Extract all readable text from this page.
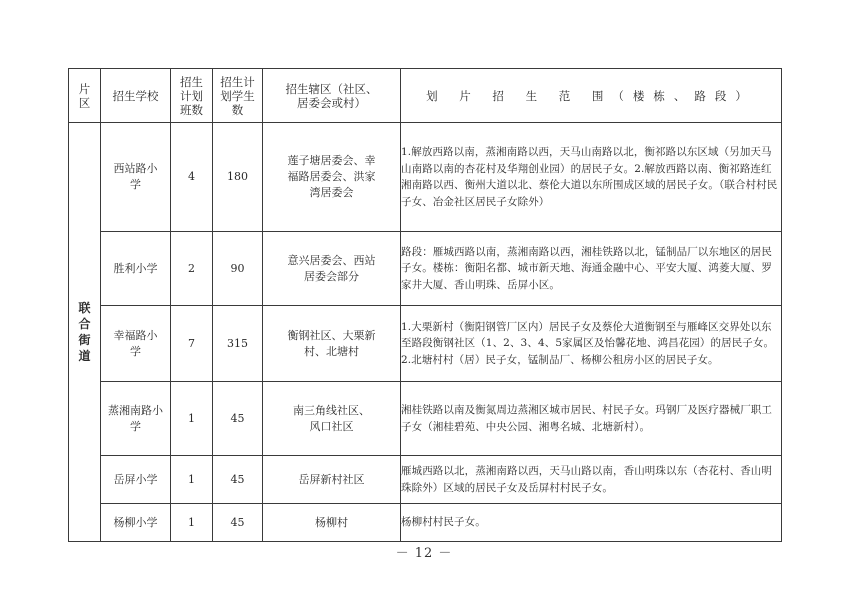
片区	招生学校	招生计划班数	招生计划学生数	招生辖区（社区、居委会或村）	划 片 招 生 范 围（楼栋、路段）
联合街道	西站路小学	4	180	莲子塘居委会、幸福路居委会、洪家湾居委会	1.解放西路以南，蒸湘南路以西，天马山南路以北，衡祁路以东区域（另加天马山南路以南的杏花村及华翔创业园）的居民子女。2.解放西路以南、衡祁路连红湘南路以西、衡州大道以北、蔡伦大道以东所围成区域的居民子女。（联合村村民子女、冶金社区居民子女除外）
	胜利小学	2	90	意兴居委会、西站居委会部分	路段：雁城西路以南，蒸湘南路以西，湘桂铁路以北，锰制品厂以东地区的居民子女。楼栋：衡阳名都、城市新天地、海通金融中心、平安大厦、鸿菱大厦、罗家井大厦、香山明珠、岳屏小区。
	幸福路小学	7	315	衡钢社区、大栗新村、北塘村	1.大栗新村（衡阳钢管厂区内）居民子女及蔡伦大道衡钢至与雁峰区交界处以东至路段衡钢社区（1、2、3、4、5家属区及怡馨花地、鸿昌花园）的居民子女。2.北塘村村（居）民子女，锰制品厂、杨柳公租房小区的居民子女。
	蒸湘南路小学	1	45	南三角线社区、风口社区	湘桂铁路以南及衡氮周边蒸湘区城市居民、村民子女。玛钢厂及医疗器械厂职工子女（湘桂碧苑、中央公园、湘粤名城、北塘新村）。
	岳屏小学	1	45	岳屏新村社区	雁城西路以北，蒸湘南路以西，天马山路以南，香山明珠以东（杏花村、香山明珠除外）区域的居民子女及岳屏村村民子女。
	杨柳小学	1	45	杨柳村	杨柳村村民子女。
－ 12 －
